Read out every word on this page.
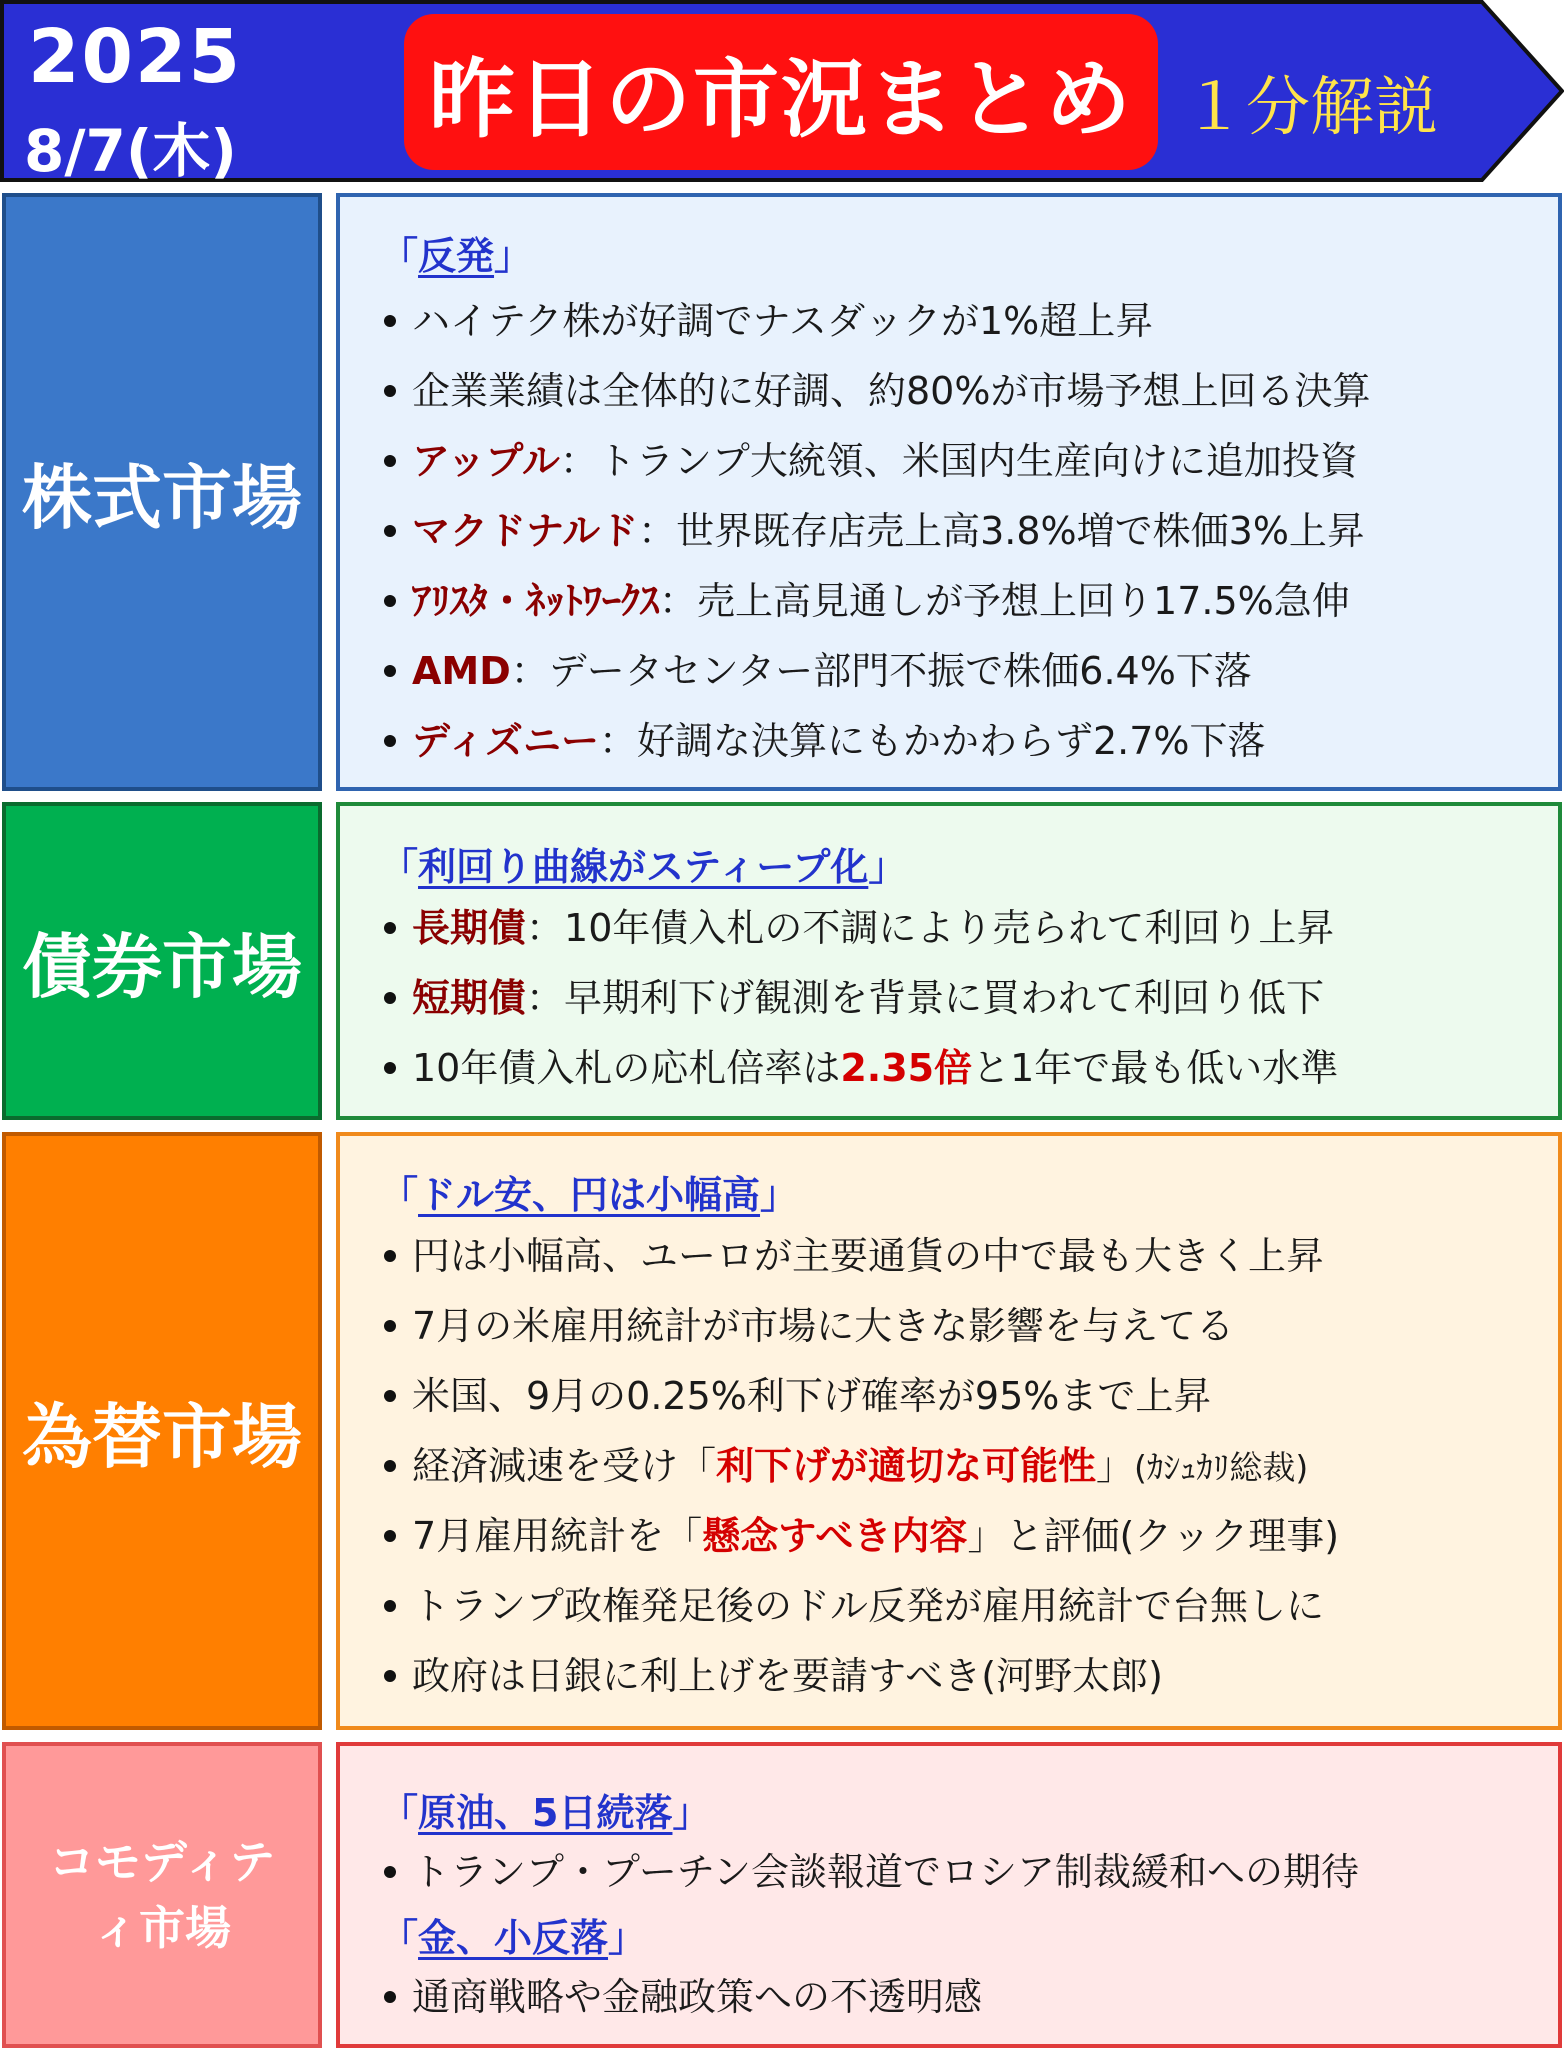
2025
8/7(木)
昨日の市況まとめ １分解説
株式市場
「反発」
ハイテク株が好調でナスダックが1%超上昇
企業業績は全体的に好調、約80%が市場予想上回る決算
アップル：トランプ大統領、米国内生産向けに追加投資
マクドナルド：世界既存店売上高3.8%増で株価3%上昇
ｱﾘｽﾀ・ﾈｯﾄﾜｰｸｽ：売上高見通しが予想上回り17.5%急伸
AMD：データセンター部門不振で株価6.4%下落
ディズニー：好調な決算にもかかわらず2.7%下落
債券市場
「利回り曲線がスティープ化」
長期債：10年債入札の不調により売られて利回り上昇
短期債：早期利下げ観測を背景に買われて利回り低下
10年債入札の応札倍率は2.35倍と1年で最も低い水準
為替市場
「ドル安、円は小幅高」
円は小幅高、ユーロが主要通貨の中で最も大きく上昇
7月の米雇用統計が市場に大きな影響を与えてる
米国、9月の0.25%利下げ確率が95%まで上昇
経済減速を受け「利下げが適切な可能性」(ｶｼｭｶﾘ総裁)
7月雇用統計を「懸念すべき内容」と評価(クック理事)
トランプ政権発足後のドル反発が雇用統計で台無しに
政府は日銀に利上げを要請すべき(河野太郎)
コモディテ
ィ市場
「原油、5日続落」
トランプ・プーチン会談報道でロシア制裁緩和への期待
「金、小反落」
通商戦略や金融政策への不透明感
